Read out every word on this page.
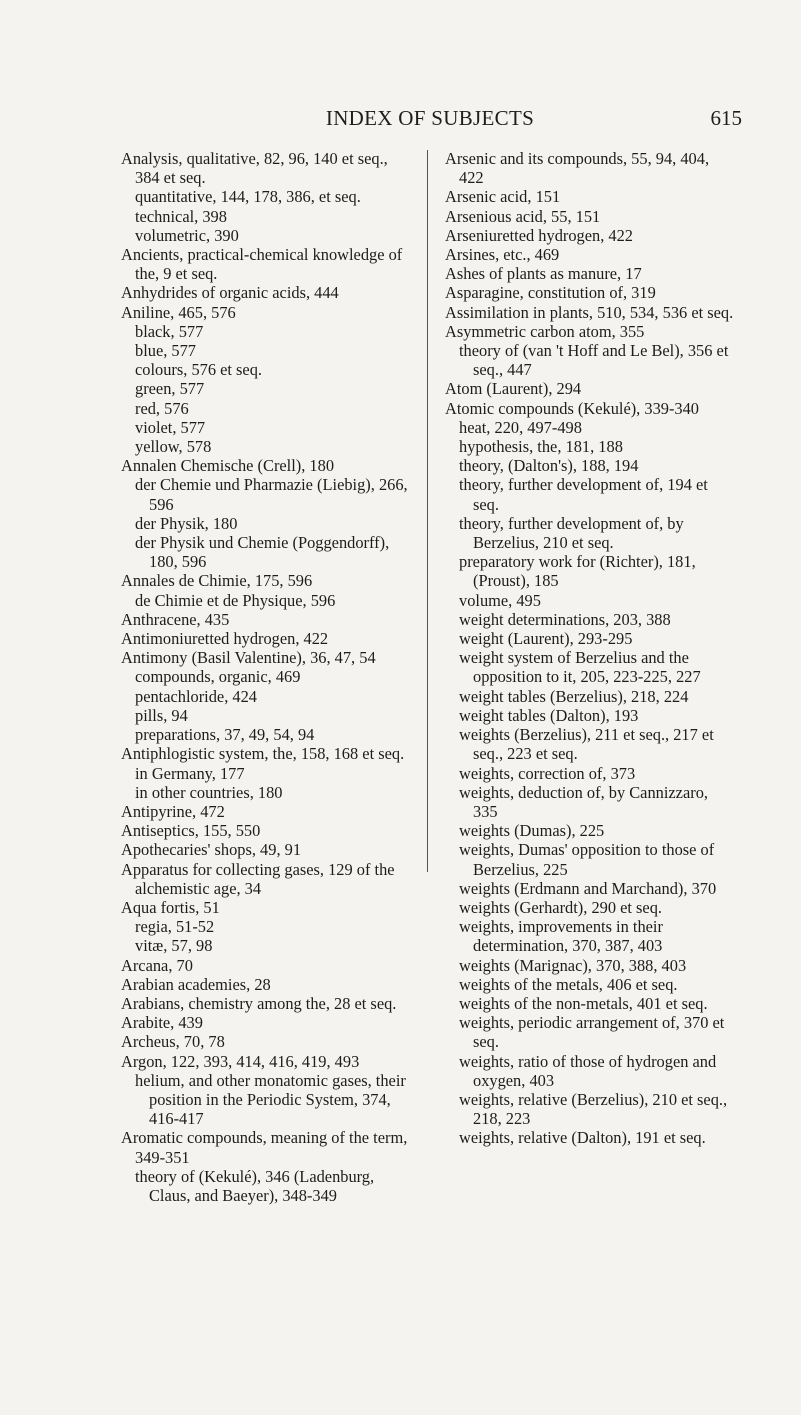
INDEX OF SUBJECTS	615
Analysis, qualitative, 82, 96, 140 et seq., 384 et seq.
quantitative, 144, 178, 386, et seq.
technical, 398
volumetric, 390
Ancients, practical-chemical knowledge of the, 9 et seq.
Anhydrides of organic acids, 444
Aniline, 465, 576
black, 577
blue, 577
colours, 576 et seq.
green, 577
red, 576
violet, 577
yellow, 578
Annalen Chemische (Crell), 180
der Chemie und Pharmazie (Liebig), 266, 596
der Physik, 180
der Physik und Chemie (Poggendorff), 180, 596
Annales de Chimie, 175, 596
de Chimie et de Physique, 596
Anthracene, 435
Antimoniuretted hydrogen, 422
Antimony (Basil Valentine), 36, 47, 54
compounds, organic, 469
pentachloride, 424
pills, 94
preparations, 37, 49, 54, 94
Antiphlogistic system, the, 158, 168 et seq.
in Germany, 177
in other countries, 180
Antipyrine, 472
Antiseptics, 155, 550
Apothecaries' shops, 49, 91
Apparatus for collecting gases, 129 of the alchemistic age, 34
Aqua fortis, 51
regia, 51-52
vitæ, 57, 98
Arcana, 70
Arabian academies, 28
Arabians, chemistry among the, 28 et seq.
Arabite, 439
Archeus, 70, 78
Argon, 122, 393, 414, 416, 419, 493
helium, and other monatomic gases, their position in the Periodic System, 374, 416-417
Aromatic compounds, meaning of the term, 349-351
theory of (Kekulé), 346 (Ladenburg, Claus, and Baeyer), 348-349
Arsenic and its compounds, 55, 94, 404, 422
Arsenic acid, 151
Arsenious acid, 55, 151
Arseniuretted hydrogen, 422
Arsines, etc., 469
Ashes of plants as manure, 17
Asparagine, constitution of, 319
Assimilation in plants, 510, 534, 536 et seq.
Asymmetric carbon atom, 355
theory of (van 't Hoff and Le Bel), 356 et seq., 447
Atom (Laurent), 294
Atomic compounds (Kekulé), 339-340
heat, 220, 497-498
hypothesis, the, 181, 188
theory, (Dalton's), 188, 194
theory, further development of, 194 et seq.
theory, further development of, by Berzelius, 210 et seq.
preparatory work for (Richter), 181, (Proust), 185
volume, 495
weight determinations, 203, 388
weight (Laurent), 293-295
weight system of Berzelius and the opposition to it, 205, 223-225, 227
weight tables (Berzelius), 218, 224
weight tables (Dalton), 193
weights (Berzelius), 211 et seq., 217 et seq., 223 et seq.
weights, correction of, 373
weights, deduction of, by Cannizzaro, 335
weights (Dumas), 225
weights, Dumas' opposition to those of Berzelius, 225
weights (Erdmann and Marchand), 370
weights (Gerhardt), 290 et seq.
weights, improvements in their determination, 370, 387, 403
weights (Marignac), 370, 388, 403
weights of the metals, 406 et seq.
weights of the non-metals, 401 et seq.
weights, periodic arrangement of, 370 et seq.
weights, ratio of those of hydrogen and oxygen, 403
weights, relative (Berzelius), 210 et seq., 218, 223
weights, relative (Dalton), 191 et seq.
